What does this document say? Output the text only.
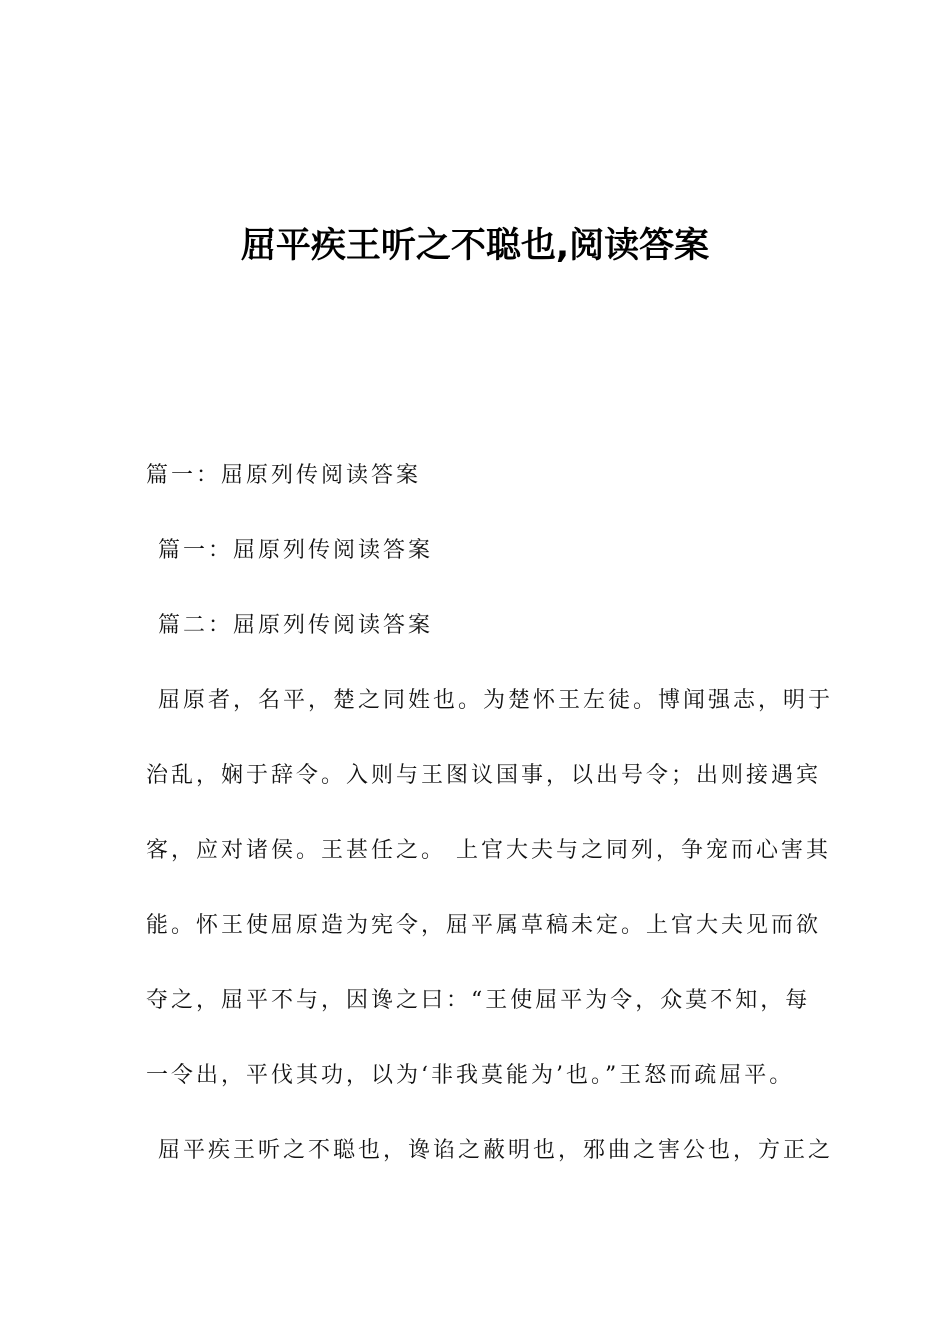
屈平疾王听之不聪也,阅读答案
篇一：屈原列传阅读答案
篇一：屈原列传阅读答案
篇二：屈原列传阅读答案
屈原者，名平，楚之同姓也。为楚怀王左徒。博闻强志，明于
治乱，娴于辞令。入则与王图议国事，以出号令；出则接遇宾
客，应对诸侯。王甚任之。 上官大夫与之同列，争宠而心害其
能。怀王使屈原造为宪令，屈平属草稿未定。上官大夫见而欲
夺之，屈平不与，因谗之曰：“王使屈平为令，众莫不知，每
一令出，平伐其功，以为‘非我莫能为’也。”王怒而疏屈平。
屈平疾王听之不聪也，谗谄之蔽明也，邪曲之害公也，方正之
